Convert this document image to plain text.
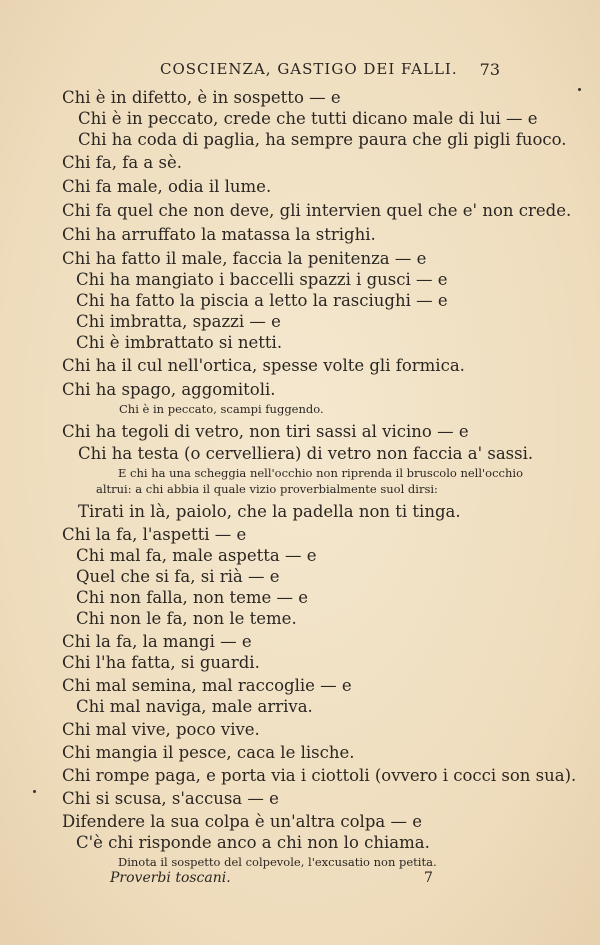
COSCIENZA, GASTIGO DEI FALLI. 73
Chi è in difetto, è in sospetto — e
Chi è in peccato, crede che tutti dicano male di lui — e
Chi ha coda di paglia, ha sempre paura che gli pigli fuoco.
Chi fa, fa a sè.
Chi fa male, odia il lume.
Chi fa quel che non deve, gli intervien quel che e' non crede.
Chi ha arruffato la matassa la strighi.
Chi ha fatto il male, faccia la penitenza — e
Chi ha mangiato i baccelli spazzi i gusci — e
Chi ha fatto la piscia a letto la rasciughi — e
Chi imbratta, spazzi — e
Chi è imbrattato si netti.
Chi ha il cul nell'ortica, spesse volte gli formica.
Chi ha spago, aggomitoli.
Chi è in peccato, scampi fuggendo.
Chi ha tegoli di vetro, non tiri sassi al vicino — e
Chi ha testa (o cervelliera) di vetro non faccia a' sassi.
E chi ha una scheggia nell'occhio non riprenda il bruscolo nell'occhio
altrui: a chi abbia il quale vizio proverbialmente suol dirsi:
Tirati in là, paiolo, che la padella non ti tinga.
Chi la fa, l'aspetti — e
Chi mal fa, male aspetta — e
Quel che si fa, si rià — e
Chi non falla, non teme — e
Chi non le fa, non le teme.
Chi la fa, la mangi — e
Chi l'ha fatta, si guardi.
Chi mal semina, mal raccoglie — e
Chi mal naviga, male arriva.
Chi mal vive, poco vive.
Chi mangia il pesce, caca le lische.
Chi rompe paga, e porta via i ciottoli (ovvero i cocci son sua).
Chi si scusa, s'accusa — e
Difendere la sua colpa è un'altra colpa — e
C'è chi risponde anco a chi non lo chiama.
Dinota il sospetto del colpevole, l'excusatio non petita.
Proverbi toscani.	7
